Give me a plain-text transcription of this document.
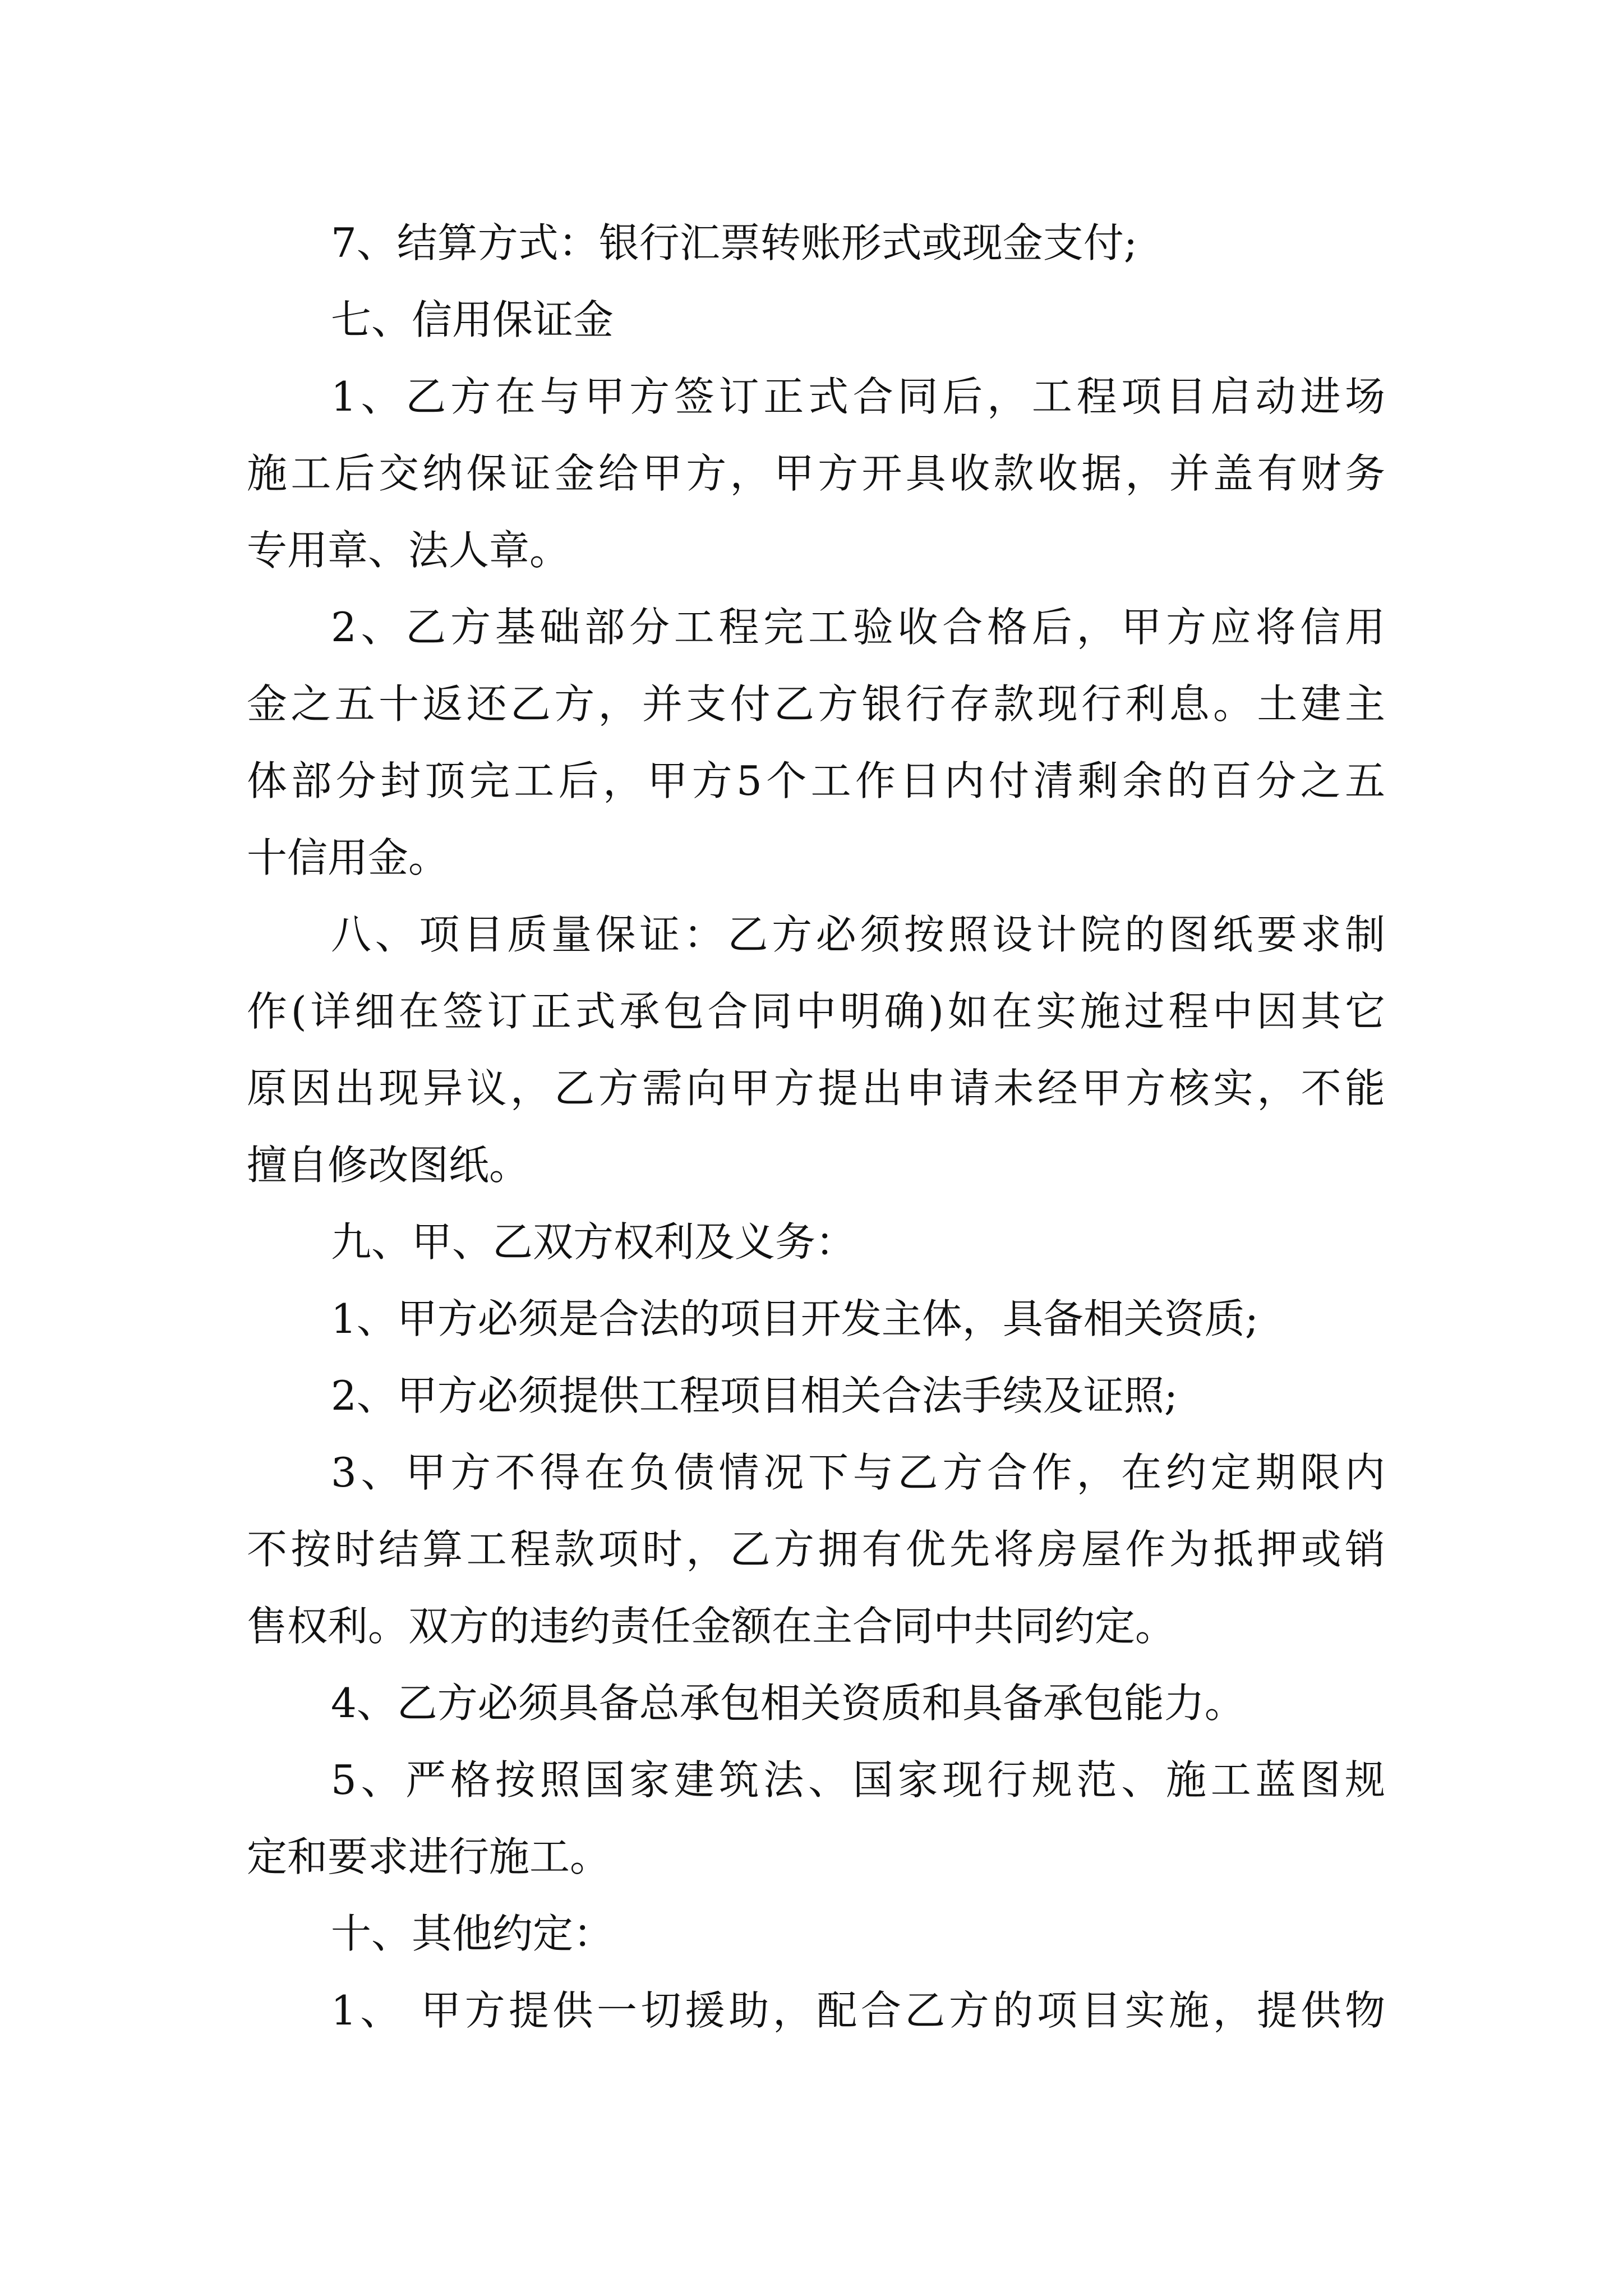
7、结算方式：银行汇票转账形式或现金支付;
七、信用保证金
1、乙方在与甲方签订正式合同后，工程项目启动进场
施工后交纳保证金给甲方，甲方开具收款收据，并盖有财务
专用章、法人章。
2、乙方基础部分工程完工验收合格后，甲方应将信用
金之五十返还乙方，并支付乙方银行存款现行利息。土建主
体部分封顶完工后，甲方5个工作日内付清剩余的百分之五
十信用金。
八、项目质量保证：乙方必须按照设计院的图纸要求制
作(详细在签订正式承包合同中明确)如在实施过程中因其它
原因出现异议，乙方需向甲方提出申请未经甲方核实，不能
擅自修改图纸。
九、甲、乙双方权利及义务：
1、甲方必须是合法的项目开发主体，具备相关资质;
2、甲方必须提供工程项目相关合法手续及证照;
3、甲方不得在负债情况下与乙方合作，在约定期限内
不按时结算工程款项时，乙方拥有优先将房屋作为抵押或销
售权利。双方的违约责任金额在主合同中共同约定。
4、乙方必须具备总承包相关资质和具备承包能力。
5、严格按照国家建筑法、国家现行规范、施工蓝图规
定和要求进行施工。
十、其他约定：
1、 甲方提供一切援助，配合乙方的项目实施，提供物
